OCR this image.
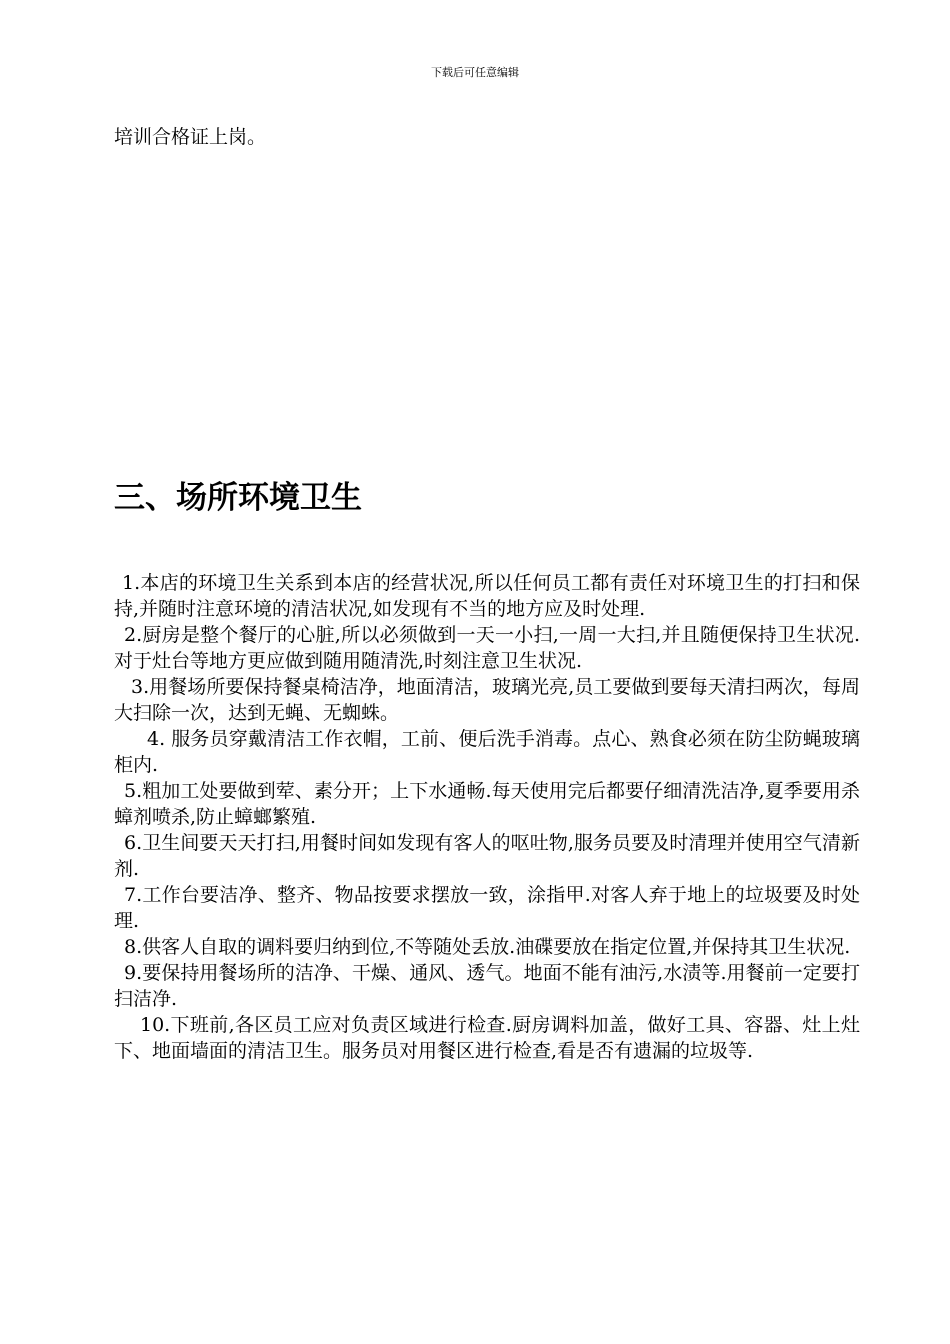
下载后可任意编辑
培训合格证上岗。
三、场所环境卫生

1.本店的环境卫生关系到本店的经营状况,所以任何员工都有责任对环境卫生的打扫和保持,并随时注意环境的清洁状况,如发现有不当的地方应及时处理.

2.厨房是整个餐厅的心脏,所以必须做到一天一小扫,一周一大扫,并且随便保持卫生状况.对于灶台等地方更应做到随用随清洗,时刻注意卫生状况.

3.用餐场所要保持餐桌椅洁净，地面清洁，玻璃光亮,员工要做到要每天清扫两次，每周大扫除一次，达到无蝇、无蜘蛛。

4. 服务员穿戴清洁工作衣帽，工前、便后洗手消毒。点心、熟食必须在防尘防蝇玻璃柜内.

5.粗加工处要做到荤、素分开；上下水通畅.每天使用完后都要仔细清洗洁净,夏季要用杀蟑剂喷杀,防止蟑螂繁殖.

6.卫生间要天天打扫,用餐时间如发现有客人的呕吐物,服务员要及时清理并使用空气清新剂.

7.工作台要洁净、整齐、物品按要求摆放一致，涂指甲.对客人弃于地上的垃圾要及时处理.

8.供客人自取的调料要归纳到位,不等随处丢放.油碟要放在指定位置,并保持其卫生状况.

9.要保持用餐场所的洁净、干燥、通风、透气。地面不能有油污,水渍等.用餐前一定要打扫洁净.

10.下班前,各区员工应对负责区域进行检查.厨房调料加盖，做好工具、容器、灶上灶下、地面墙面的清洁卫生。服务员对用餐区进行检查,看是否有遗漏的垃圾等.
